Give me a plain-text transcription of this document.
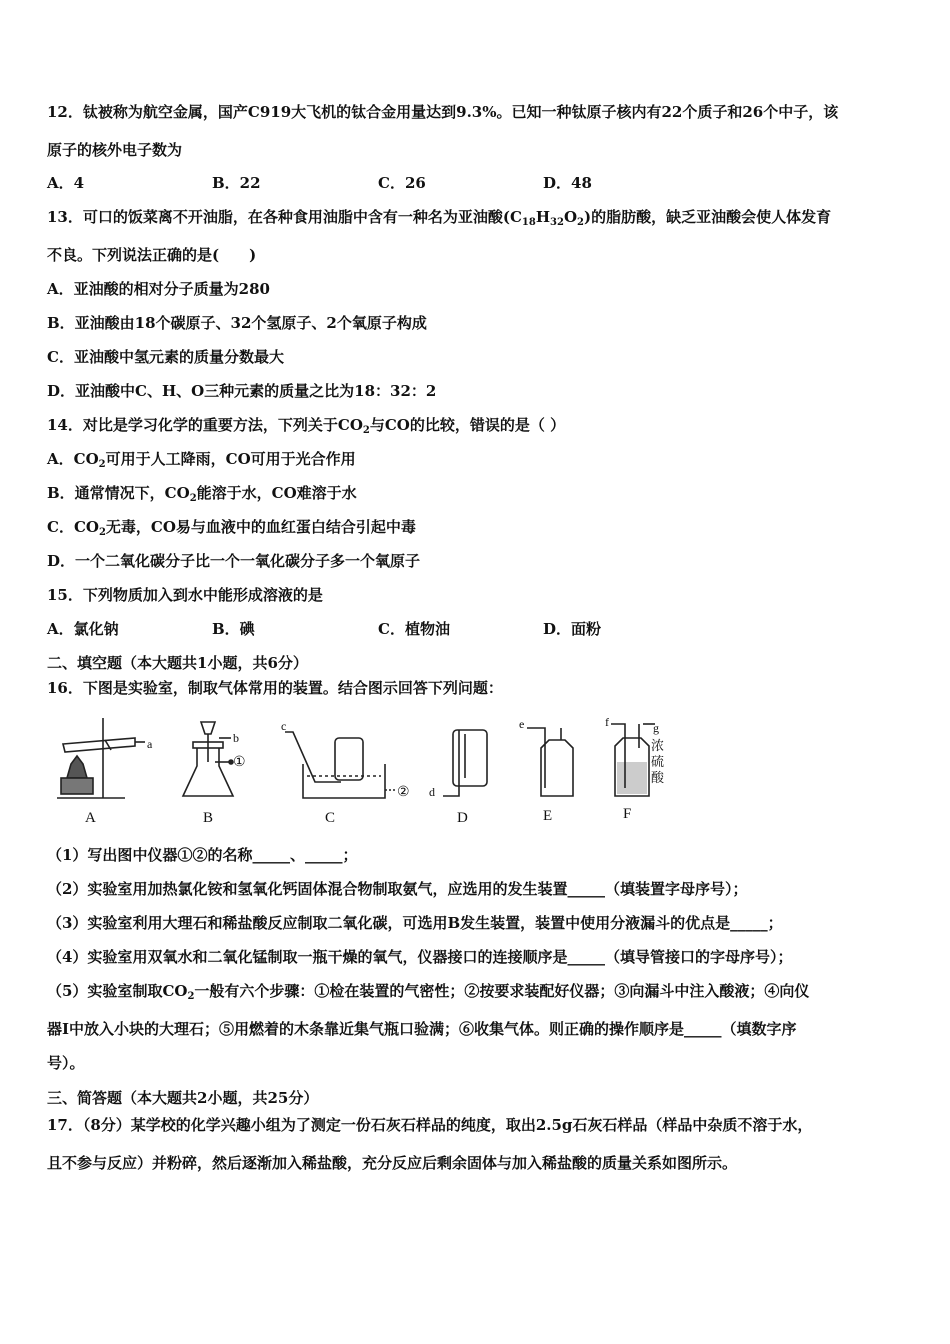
12．钛被称为航空金属，国产C919大飞机的钛合金用量达到9.3%。已知一种钛原子核内有22个质子和26个中子，该
原子的核外电子数为
A．4	B．22	C．26	D．48
13．可口的饭菜离不开油脂，在各种食用油脂中含有一种名为亚油酸$(C_{18}H_{32}O_2)$的脂肪酸，缺乏亚油酸会使人体发育
不良。下列说法正确的是(　　)
A．亚油酸的相对分子质量为280
B．亚油酸由18个碳原子、32个氢原子、2个氧原子构成
C．亚油酸中氢元素的质量分数最大
D．亚油酸中C、H、O三种元素的质量之比为18：32：2
14．对比是学习化学的重要方法，下列关于$CO_2$与CO的比较，错误的是（ ）
A．$CO_2$可用于人工降雨，CO可用于光合作用
B．通常情况下，$CO_2$能溶于水，CO难溶于水
C．$CO_2$无毒，CO易与血液中的血红蛋白结合引起中毒
D．一个二氧化碳分子比一个一氧化碳分子多一个氧原子
15．下列物质加入到水中能形成溶液的是
A．氯化钠	B．碘	C．植物油	D．面粉
二、填空题（本大题共1小题，共6分）
16．下图是实验室，制取气体常用的装置。结合图示回答下列问题：
A	B	C	D	E	F
a	b
c
d
e	f	g
①
②
浓
硫
酸
（1）写出图中仪器①②的名称_____、_____；
（2）实验室用加热氯化铵和氢氧化钙固体混合物制取氨气，应选用的发生装置_____（填装置字母序号）；
（3）实验室利用大理石和稀盐酸反应制取二氧化碳，可选用B发生装置，装置中使用分液漏斗的优点是_____；
（4）实验室用双氧水和二氧化锰制取一瓶干燥的氧气，仪器接口的连接顺序是_____（填导管接口的字母序号）；
（5）实验室制取$CO_2$一般有六个步骤：①检在装置的气密性；②按要求装配好仪器；③向漏斗中注入酸液；④向仪
器Ⅰ中放入小块的大理石；⑤用燃着的木条靠近集气瓶口验满；⑥收集气体。则正确的操作顺序是_____（填数字序
号）。
三、简答题（本大题共2小题，共25分）
17．（8分）某学校的化学兴趣小组为了测定一份石灰石样品的纯度，取出2.5g石灰石样品（样品中杂质不溶于水，
且不参与反应）并粉碎，然后逐渐加入稀盐酸，充分反应后剩余固体与加入稀盐酸的质量关系如图所示。
